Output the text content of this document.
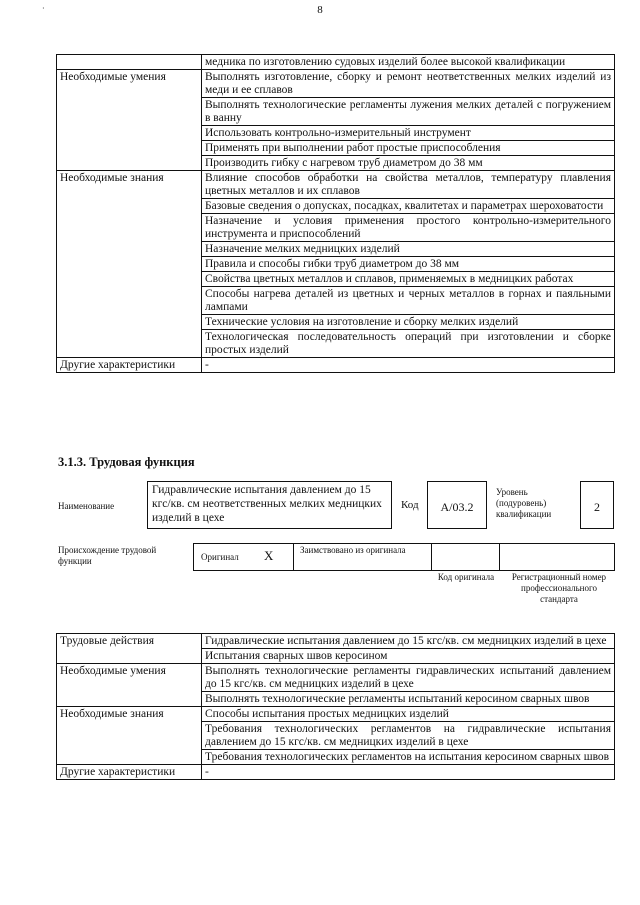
·	8
	медника по изготовлению судовых изделий более высокой квалификации
Необходимые умения	Выполнять изготовление, сборку и ремонт неответственных мелких изделий из меди и ее сплавов
	Выполнять технологические регламенты лужения мелких деталей с погружением в ванну
	Использовать контрольно-измерительный инструмент
	Применять при выполнении работ простые приспособления
	Производить гибку с нагревом труб диаметром до 38 мм
Необходимые знания	Влияние способов обработки на свойства металлов, температуру плавления цветных металлов и их сплавов
	Базовые сведения о допусках, посадках, квалитетах и параметрах шероховатости
	Назначение и условия применения простого контрольно-измерительного инструмента и приспособлений
	Назначение мелких медницких изделий
	Правила и способы гибки труб диаметром до 38 мм
	Свойства цветных металлов и сплавов, применяемых в медницких работах
	Способы нагрева деталей из цветных и черных металлов в горнах и паяльными лампами
	Технические условия на изготовление и сборку мелких изделий
	Технологическая последовательность операций при изготовлении и сборке простых изделий
Другие характеристики	-
3.1.3. Трудовая функция
Наименование
Гидравлические испытания давлением до 15 кгс/кв. см неответственных мелких медницких изделий в цехе
Код	A/03.2
Уровень (подуровень) квалификации	2
Происхождение трудовой функции	Оригинал X	Заимствовано из оригинала
Код оригинала	Регистрационный номер профессионального стандарта
Трудовые действия	Гидравлические испытания давлением до 15 кгс/кв. см медницких изделий в цехе
	Испытания сварных швов керосином
Необходимые умения	Выполнять технологические регламенты гидравлических испытаний давлением до 15 кгс/кв. см медницких изделий в цехе
	Выполнять технологические регламенты испытаний керосином сварных швов
Необходимые знания	Способы испытания простых медницких изделий
	Требования технологических регламентов на гидравлические испытания давлением до 15 кгс/кв. см медницких изделий в цехе
	Требования технологических регламентов на испытания керосином сварных швов
Другие характеристики	-
